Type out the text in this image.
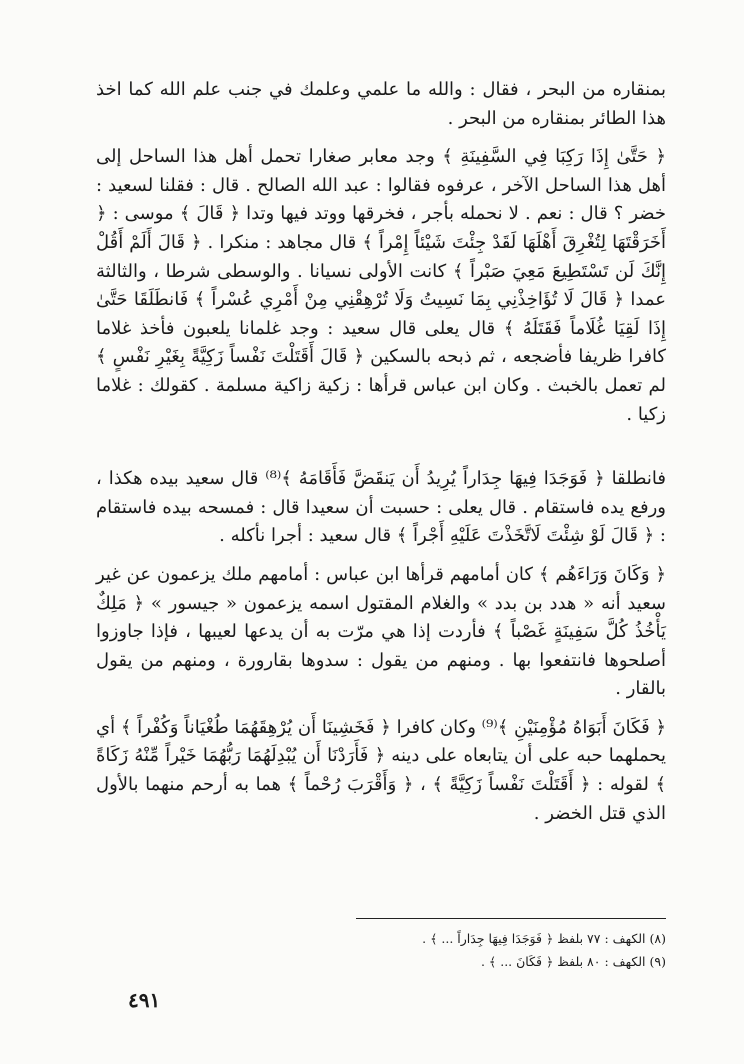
بمنقاره من البحر ، فقال : والله ما علمي وعلمك في جنب علم الله كما اخذ هذا الطائر بمنقاره من البحر .

﴿ حَتَّىٰ إِذَا رَكِبَا فِي السَّفِينَةِ ﴾ وجد معابر صغارا تحمل أهل هذا الساحل إلى أهل هذا الساحل الآخر ، عرفوه فقالوا : عبد الله الصالح . قال : فقلنا لسعيد : خضر ؟ قال : نعم . لا نحمله بأجر ، فخرقها ووتد فيها وتدا ﴿ قَالَ ﴾ موسى : ﴿ أَخَرَقْتَهَا لِتُغْرِقَ أَهْلَهَا لَقَدْ جِئْتَ شَيْئاً إِمْراً ﴾ قال مجاهد : منكرا . ﴿ قَالَ أَلَمْ أَقُلْ إِنَّكَ لَن تَسْتَطِيعَ مَعِيَ صَبْراً ﴾ كانت الأولى نسيانا . والوسطى شرطا ، والثالثة عمدا ﴿ قَالَ لَا تُؤَاخِذْنِي بِمَا نَسِيتُ وَلَا تُرْهِقْنِي مِنْ أَمْرِي عُسْراً ﴾ فَانطَلَقَا حَتَّىٰ إِذَا لَقِيَا غُلَاماً فَقَتَلَهُ ﴾ قال يعلى قال سعيد : وجد غلمانا يلعبون فأخذ غلاما كافرا ظريفا فأضجعه ، ثم ذبحه بالسكين ﴿ قَالَ أَقَتَلْتَ نَفْساً زَكِيَّةً بِغَيْرِ نَفْسٍ ﴾ لم تعمل بالخبث . وكان ابن عباس قرأها : زكية زاكية مسلمة . كقولك : غلاما زكيا .

فانطلقا ﴿ فَوَجَدَا فِيهَا جِدَاراً يُرِيدُ أَن يَنقَضَّ فَأَقَامَهُ ﴾⁽⁸⁾ قال سعيد بيده هكذا ، ورفع يده فاستقام . قال يعلى : حسبت أن سعيدا قال : فمسحه بيده فاستقام : ﴿ قَالَ لَوْ شِئْتَ لَاتَّخَذْتَ عَلَيْهِ أَجْراً ﴾ قال سعيد : أجرا نأكله .

﴿ وَكَانَ وَرَاءَهُم ﴾ كان أمامهم قرأها ابن عباس : أمامهم ملك يزعمون عن غير سعيد أنه « هدد بن بدد » والغلام المقتول اسمه يزعمون « جيسور » ﴿ مَلِكٌ يَأْخُذُ كُلَّ سَفِينَةٍ غَصْباً ﴾ فأردت إذا هي مرّت به أن يدعها لعيبها ، فإذا جاوزوا أصلحوها فانتفعوا بها . ومنهم من يقول : سدوها بقارورة ، ومنهم من يقول بالقار .

﴿ فَكَانَ أَبَوَاهُ مُؤْمِنَيْنِ ﴾⁽⁹⁾ وكان كافرا ﴿ فَخَشِينَا أَن يُرْهِقَهُمَا طُغْيَاناً وَكُفْراً ﴾ أي يحملهما حبه على أن يتابعاه على دينه ﴿ فَأَرَدْنَا أَن يُبْدِلَهُمَا رَبُّهُمَا خَيْراً مِّنْهُ زَكَاةً ﴾ لقوله : ﴿ أَقَتَلْتَ نَفْساً زَكِيَّةً ﴾ ، ﴿ وَأَقْرَبَ رُحْماً ﴾ هما به أرحم منهما بالأول الذي قتل الخضر .

(٨) الكهف : ٧٧ بلفظ ﴿ فَوَجَدَا فِيهَا جِدَاراً ... ﴾ .
(٩) الكهف : ٨٠ بلفظ ﴿ فَكَانَ ... ﴾ .
٤٩١
